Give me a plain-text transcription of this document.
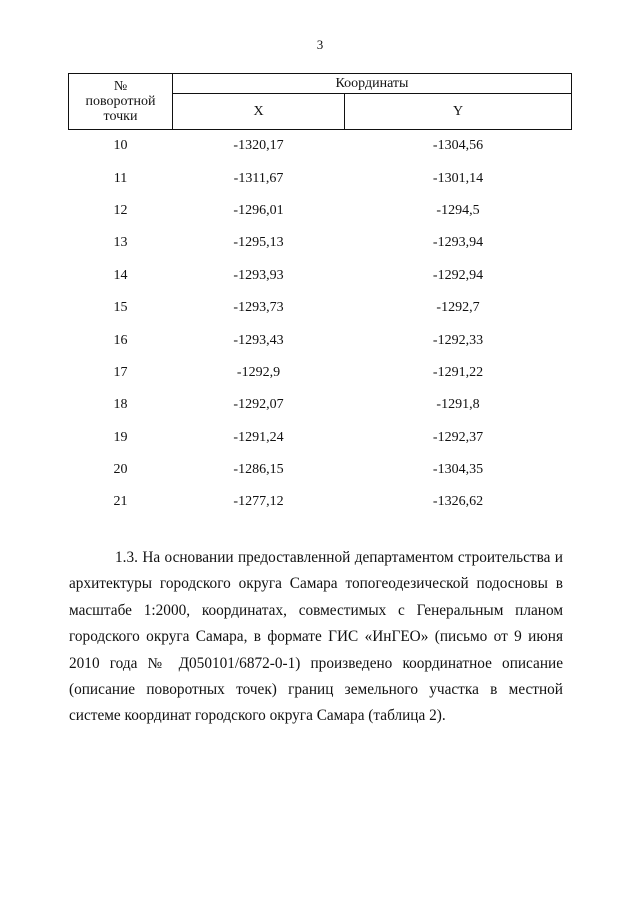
3
№
поворотной
точки	Координаты	
	X	Y
10	-1320,17	-1304,56
11	-1311,67	-1301,14
12	-1296,01	-1294,5
13	-1295,13	-1293,94
14	-1293,93	-1292,94
15	-1293,73	-1292,7
16	-1293,43	-1292,33
17	-1292,9	-1291,22
18	-1292,07	-1291,8
19	-1291,24	-1292,37
20	-1286,15	-1304,35
21	-1277,12	-1326,62

1.3. На основании предоставленной департаментом строительства и архитектуры городского округа Самара топогеодезической подосновы в масштабе 1:2000, координатах, совместимых с Генеральным планом городского округа Самара, в формате ГИС «ИнГЕО» (письмо от 9 июня 2010 года № Д050101/6872-0-1) произведено координатное описание (описание поворотных точек) границ земельного участка в местной системе координат городского округа Самара (таблица 2).
